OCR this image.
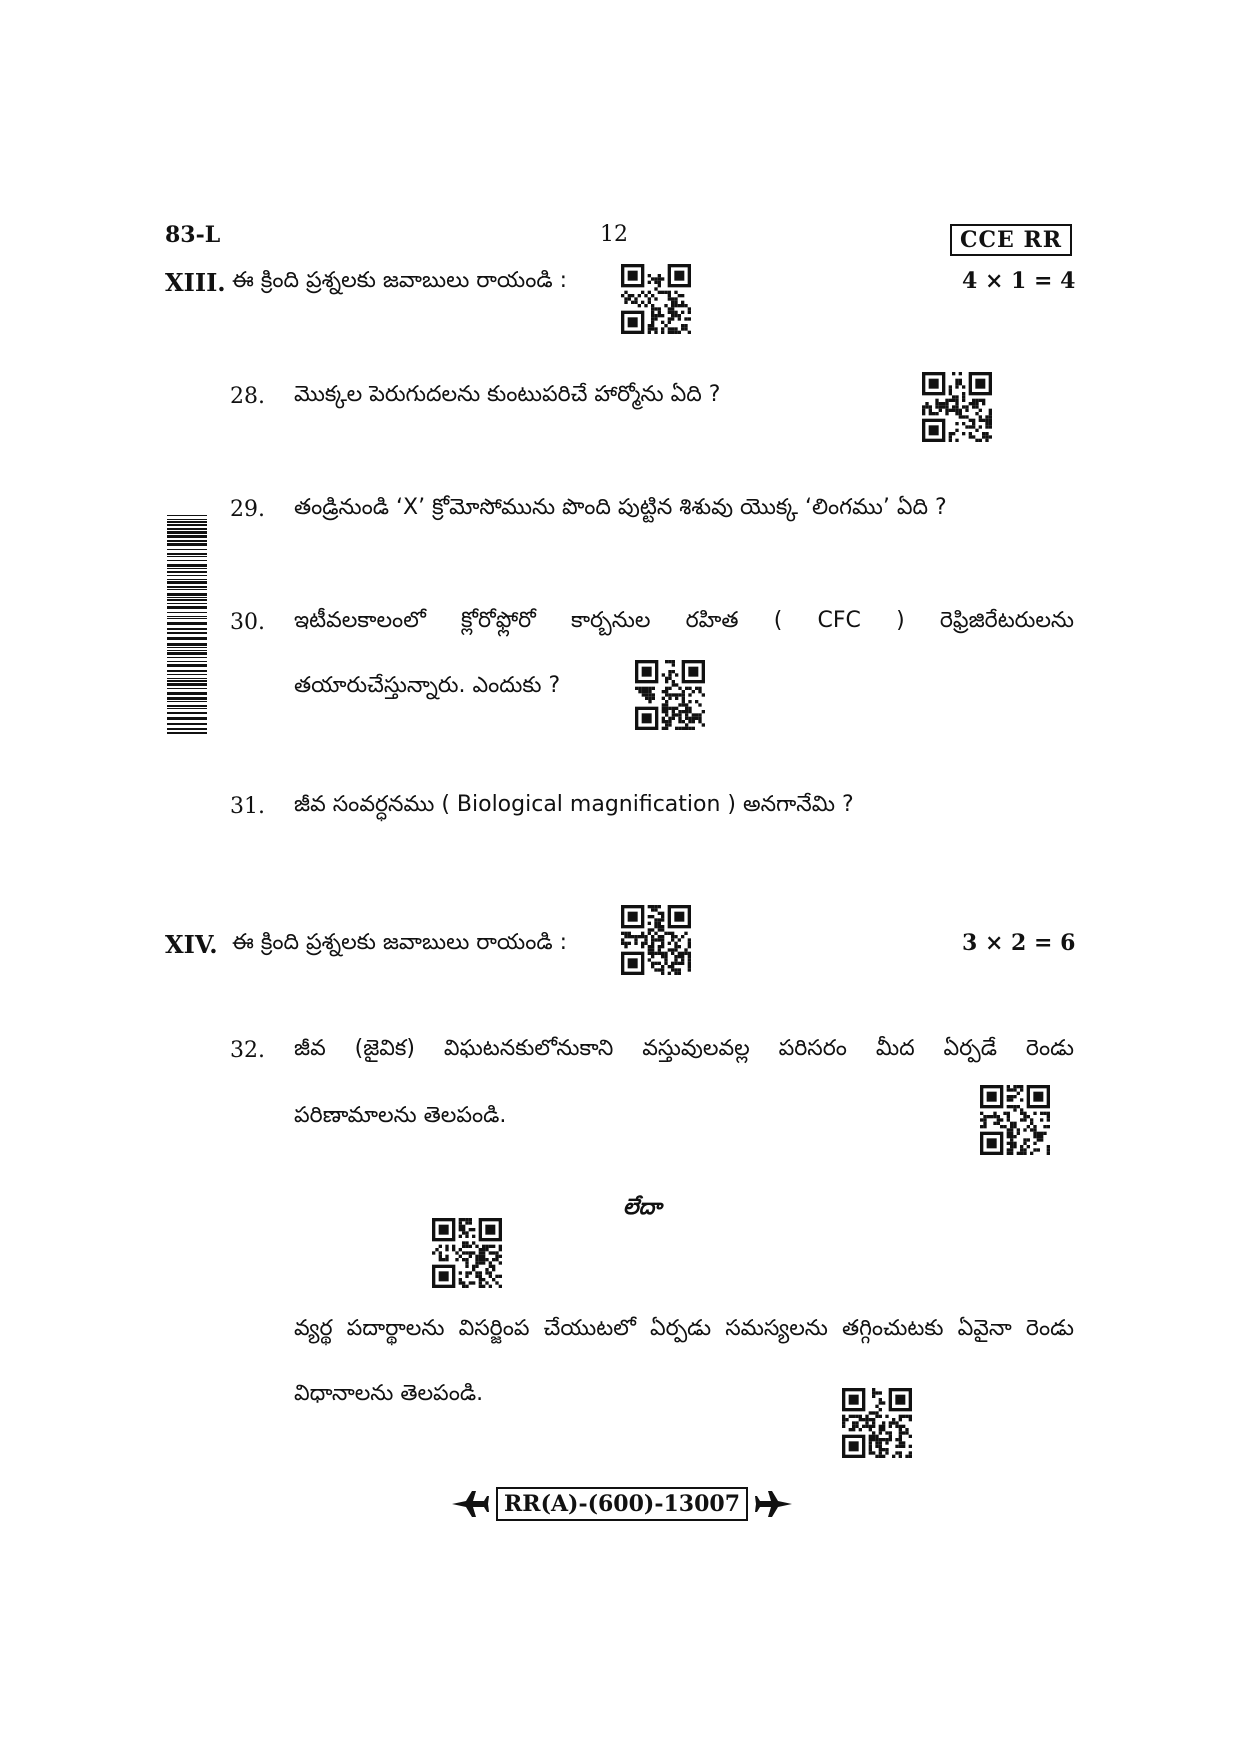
83-L	12	CCE RR
XIII. ఈ క్రింది ప్రశ్నలకు జవాబులు రాయండి :	4 × 1 = 4
28. మొక్కల పెరుగుదలను కుంటుపరిచే హార్మోను ఏది ?
29. తండ్రినుండి ‘X’ క్రోమోసోమును పొంది పుట్టిన శిశువు యొక్క ‘లింగము’ ఏది ?
30. ఇటీవలకాలంలో క్లోరోఫ్లోరో కార్బనుల రహిత ( CFC ) రెఫ్రిజిరేటరులను
తయారుచేస్తున్నారు. ఎందుకు ?
31. జీవ సంవర్ధనము ( Biological magnification ) అనగానేమి ?
XIV. ఈ క్రింది ప్రశ్నలకు జవాబులు రాయండి :	3 × 2 = 6
32. జీవ (జైవిక) విఘటనకులోనుకాని వస్తువులవల్ల పరిసరం మీద ఏర్పడే రెండు
పరిణామాలను తెలపండి.
లేదా
వ్యర్థ పదార్థాలను విసర్జింప చేయుటలో ఏర్పడు సమస్యలను తగ్గించుటకు ఏవైనా రెండు
విధానాలను తెలపండి.
RR(A)-(600)-13007
